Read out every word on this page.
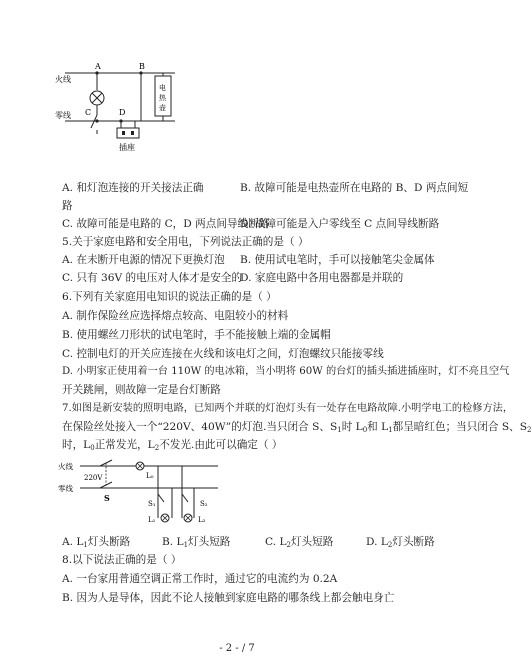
火线
零线
A	B
C	D
电
热
壶
插座
A. 和灯泡连接的开关接法正确	B. 故障可能是电热壶所在电路的 B、D 两点间短
路
C. 故障可能是电路的 C，D 两点间导线断路
D. 故障可能是入户零线至 C 点间导线断路
5.关于家庭电路和安全用电，下列说法正确的是（ ）
A. 在未断开电源的情况下更换灯泡 B. 使用试电笔时，手可以接触笔尖金属体
C. 只有 36V 的电压对人体才是安全的
D. 家庭电路中各用电器都是并联的
6.下列有关家庭用电知识的说法正确的是（ ）
A. 制作保险丝应选择熔点较高、电阻较小的材料
B. 使用螺丝刀形状的试电笔时，手不能接触上端的金属帽
C. 控制电灯的开关应连接在火线和该电灯之间，灯泡螺纹只能接零线
D. 小明家正使用着一台 110W 的电冰箱，当小明将 60W 的台灯的插头插进插座时，灯不亮且空气
开关跳闸，则故障一定是台灯断路
7.如图是新安装的照明电路，已知两个并联的灯泡灯头有一处存在电路故障.小明学电工的检修方法，
在保险丝处接入一个“220V、40W”的灯泡.当只闭合 S、$S_1$时 $L_0$和 $L_1$都呈暗红色；当只闭合 S、$S_2$
时，$L_0$正常发光，$L_2$不发光.由此可以确定（ ）
火线
零线
220V
S
L₀
S₁	S₂
L₁	L₂
A. $L_1$灯头断路	B. $L_1$灯头短路	C. $L_2$灯头短路	D. $L_2$灯头断路
8.以下说法正确的是（ ）
A. 一台家用普通空调正常工作时，通过它的电流约为 0.2A
B. 因为人是导体，因此不论人接触到家庭电路的哪条线上都会触电身亡
- 2 - / 7
